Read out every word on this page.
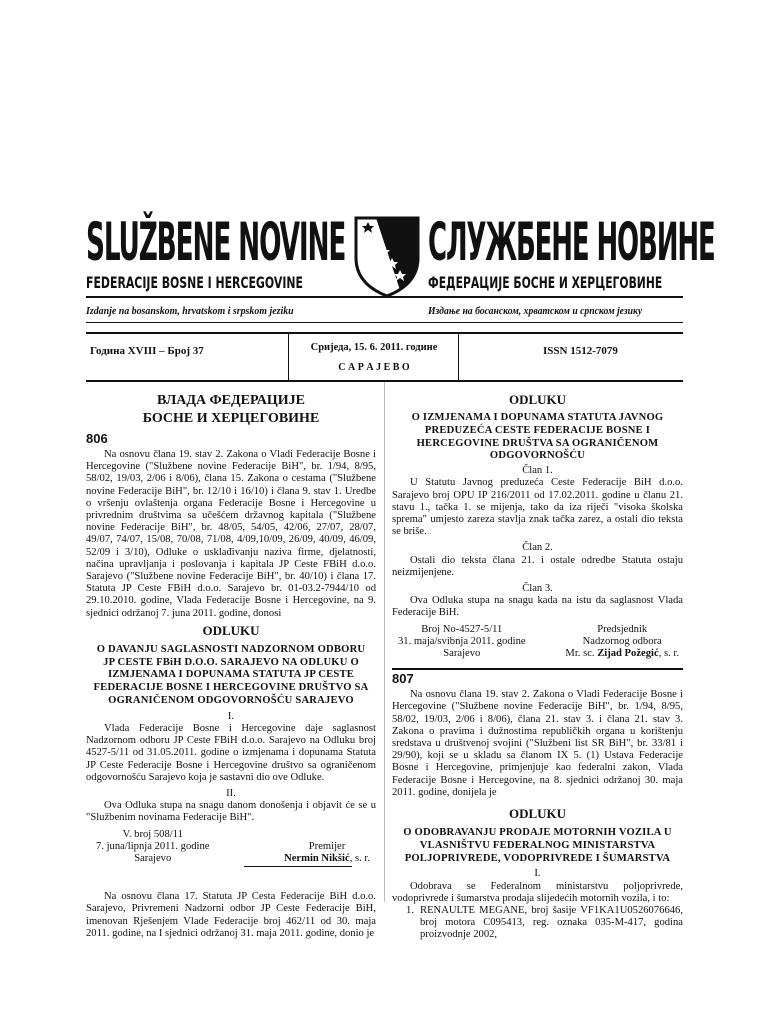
SLUŽBENE NOVINE
FEDERACIJE BOSNE I HERCEGOVINE
Izdanje na bosanskom, hrvatskom i srpskom jeziku
СЛУЖБЕНЕ НОВИНЕ
ФЕДЕРАЦИЈЕ БОСНЕ И ХЕРЦЕГОВИНЕ
Издање на босанском, хрватском и српском језику
Година XVIII – Број 37	Сриједа, 15. 6. 2011. године
С А Р А Ј Е В О
ISSN 1512-7079
ВЛАДА ФЕДЕРАЦИЈЕ
БОСНЕ И ХЕРЦЕГОВИНЕ
806

Na osnovu člana 19. stav 2. Zakona o Vladi Federacije Bosne i Hercegovine ("Službene novine Federacije BiH", br. 1/94, 8/95, 58/02, 19/03, 2/06 i 8/06), člana 15. Zakona o cestama ("Službene novine Federacije BiH", br. 12/10 i 16/10) i člana 9. stav 1. Uredbe o vršenju ovlaštenja organa Federacije Bosne i Hercegovine u privrednim društvima sa učešćem državnog kapitala ("Službene novine Federacije BiH", br. 48/05, 54/05, 42/06, 27/07, 28/07, 49/07, 74/07, 15/08, 70/08, 71/08, 4/09,10/09, 26/09, 40/09, 46/09, 52/09 i 3/10), Odluke o usklađivanju naziva firme, djelatnosti, načina upravljanja i poslovanja i kapitala JP Ceste FBiH d.o.o. Sarajevo ("Službene novine Federacije BiH", br. 40/10) i člana 17. Statuta JP Ceste FBiH d.o.o. Sarajevo br. 01-03.2-7944/10 od 29.10.2010. godine, Vlada Federacije Bosne i Hercegovine, na 9. sjednici održanoj 7. juna 2011. godine, donosi

ODLUKU
O DAVANJU SAGLASNOSTI NADZORNOM ODBORU JP CESTE FBiH D.O.O. SARAJEVO NA ODLUKU O IZMJENAMA I DOPUNAMA STATUTA JP CESTE FEDERACIJE BOSNE I HERCEGOVINE DRUŠTVO SA OGRANIČENOM ODGOVORNOŠĆU SARAJEVO
I.

Vlada Federacije Bosne i Hercegovine daje saglasnost Nadzornom odboru JP Ceste FBiH d.o.o. Sarajevo na Odluku broj 4527-5/11 od 31.05.2011. godine o izmjenama i dopunama Statuta JP Ceste Federacije Bosne i Hercegovine društvo sa ograničenom odgovornošću Sarajevo koja je sastavni dio ove Odluke.

II.

Ova Odluka stupa na snagu danom donošenja i objavit će se u "Službenim novinama Federacije BiH".

V. broj 508/11
7. juna/lipnja 2011. godine
Sarajevo
Premijer
Nermin Nikšić, s. r.

Na osnovu člana 17. Statuta JP Cesta Federacije BiH d.o.o. Sarajevo, Privremeni Nadzorni odbor JP Ceste Federacije BiH, imenovan Rješenjem Vlade Federacije broj 462/11 od 30. maja 2011. godine, na I sjednici održanoj 31. maja 2011. godine, donio je

ODLUKU
O IZMJENAMA I DOPUNAMA STATUTA JAVNOG PREDUZEĆA CESTE FEDERACIJE BOSNE I HERCEGOVINE DRUŠTVA SA OGRANIČENOM ODGOVORNOŠĆU
Član 1.

U Statutu Javnog preduzeća Ceste Federacije BiH d.o.o. Sarajevo broj OPU IP 216/2011 od 17.02.2011. godine u članu 21. stavu 1., tačka 1. se mijenja, tako da iza riječi "visoka školska sprema" umjesto zareza stavlja znak tačka zarez, a ostali dio teksta se briše.

Član 2.

Ostali dio teksta člana 21. i ostale odredbe Statuta ostaju neizmijenjene.

Član 3.

Ova Odluka stupa na snagu kada na istu da saglasnost Vlada Federacije BiH.

Broj No-4527-5/11
31. maja/svibnja 2011. godine
Sarajevo
Predsjednik
Nadzornog odbora
Mr. sc. Zijad Požegić, s. r.
807

Na osnovu člana 19. stav 2. Zakona o Vladi Federacije Bosne i Hercegovine ("Službene novine Federacije BiH", br. 1/94, 8/95, 58/02, 19/03, 2/06 i 8/06), člana 21. stav 3. i člana 21. stav 3. Zakona o pravima i dužnostima republičkih organa u korištenju sredstava u društvenoj svojini ("Službeni list SR BiH", br. 33/81 i 29/90), koji se u skladu sa članom IX 5. (1) Ustava Federacije Bosne i Hercegovine, primjenjuje kao federalni zakon, Vlada Federacije Bosne i Hercegovine, na 8. sjednici održanoj 30. maja 2011. godine, donijela je

ODLUKU
O ODOBRAVANJU PRODAJE MOTORNIH VOZILA U VLASNIŠTVU FEDERALNOG MINISTARSTVA POLJOPRIVREDE, VODOPRIVREDE I ŠUMARSTVA
I.

Odobrava se Federalnom ministarstvu poljoprivrede, vodoprivrede i šumarstva prodaja slijedećih motornih vozila, i to:

1. RENAULTE MEGANE, broj šasije VF1KA1U0526076646, broj motora C095413, reg. oznaka 035-M-417, godina proizvodnje 2002,
